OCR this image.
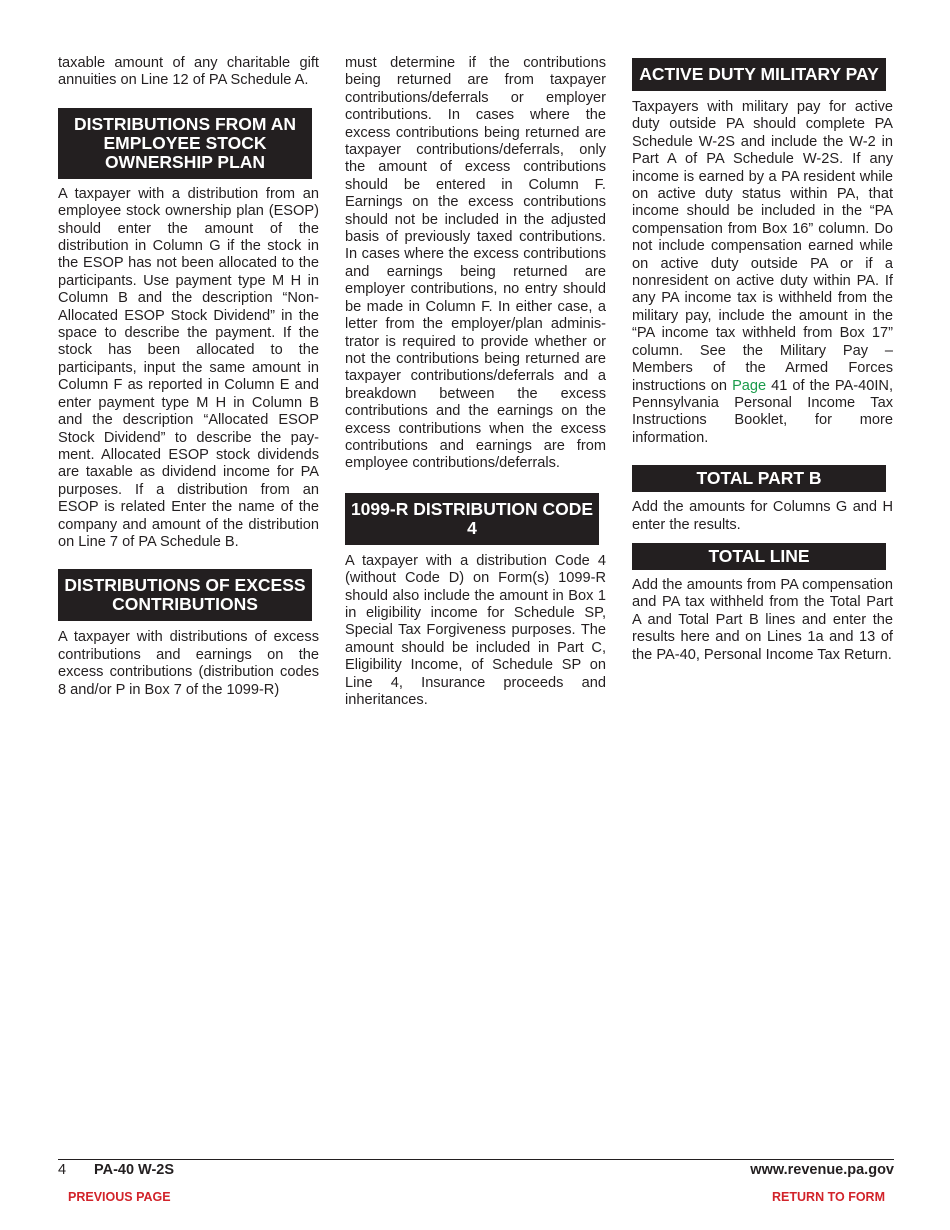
taxable amount of any charitable gift annuities on Line 12 of PA Schedule A.

DISTRIBUTIONS FROM AN EMPLOYEE STOCK OWNERSHIP PLAN

A taxpayer with a distribution from an employee stock ownership plan (ESOP) should enter the amount of the distribution in Column G if the stock in the ESOP has not been allocated to the participants. Use payment type M H in Column B and the description “Non-Allocated ESOP Stock Dividend” in the space to describe the payment. If the stock has been allocated to the participants, input the same amount in Column F as reported in Column E and enter payment type M H in Column B and the description “Allocated ESOP Stock Dividend” to describe the payment. Allocated ESOP stock dividends are taxable as dividend income for PA purposes. If a distribution from an ESOP is related Enter the name of the company and amount of the distribution on Line 7 of PA Schedule B.

DISTRIBUTIONS OF EXCESS CONTRIBUTIONS

A taxpayer with distributions of excess contributions and earnings on the excess contributions (distribution codes 8 and/or P in Box 7 of the 1099-R)

must determine if the contributions being returned are from taxpayer contributions/deferrals or employer contributions. In cases where the excess contributions being returned are taxpayer contributions/deferrals, only the amount of excess contributions should be entered in Column F. Earnings on the excess contributions should not be included in the adjusted basis of previously taxed contributions. In cases where the excess contributions and earnings being returned are employer contributions, no entry should be made in Column F. In either case, a letter from the employer/plan administrator is required to provide whether or not the contributions being returned are taxpayer contributions/deferrals and a breakdown between the excess contributions and the earnings on the excess contributions when the excess contributions and earnings are from employee contributions/deferrals.

1099-R DISTRIBUTION CODE 4

A taxpayer with a distribution Code 4 (without Code D) on Form(s) 1099-R should also include the amount in Box 1 in eligibility income for Schedule SP, Special Tax Forgiveness purposes. The amount should be included in Part C, Eligibility Income, of Schedule SP on Line 4, Insurance proceeds and inheritances.

ACTIVE DUTY MILITARY PAY

Taxpayers with military pay for active duty outside PA should complete PA Schedule W-2S and include the W-2 in Part A of PA Schedule W-2S. If any income is earned by a PA resident while on active duty status within PA, that income should be included in the “PA compensation from Box 16” column. Do not include compensation earned while on active duty outside PA or if a nonresident on active duty within PA. If any PA income tax is withheld from the military pay, include the amount in the “PA income tax withheld from Box 17” column. See the Military Pay – Members of the Armed Forces instructions on Page 41 of the PA-40IN, Pennsylvania Personal Income Tax Instructions Booklet, for more information.

TOTAL PART B

Add the amounts for Columns G and H enter the results.

TOTAL LINE

Add the amounts from PA compensation and PA tax withheld from the Total Part A and Total Part B lines and enter the results here and on Lines 1a and 13 of the PA-40, Personal Income Tax Return.

4 PA-40 W-2S	www.revenue.pa.gov
PREVIOUS PAGE	RETURN TO FORM
